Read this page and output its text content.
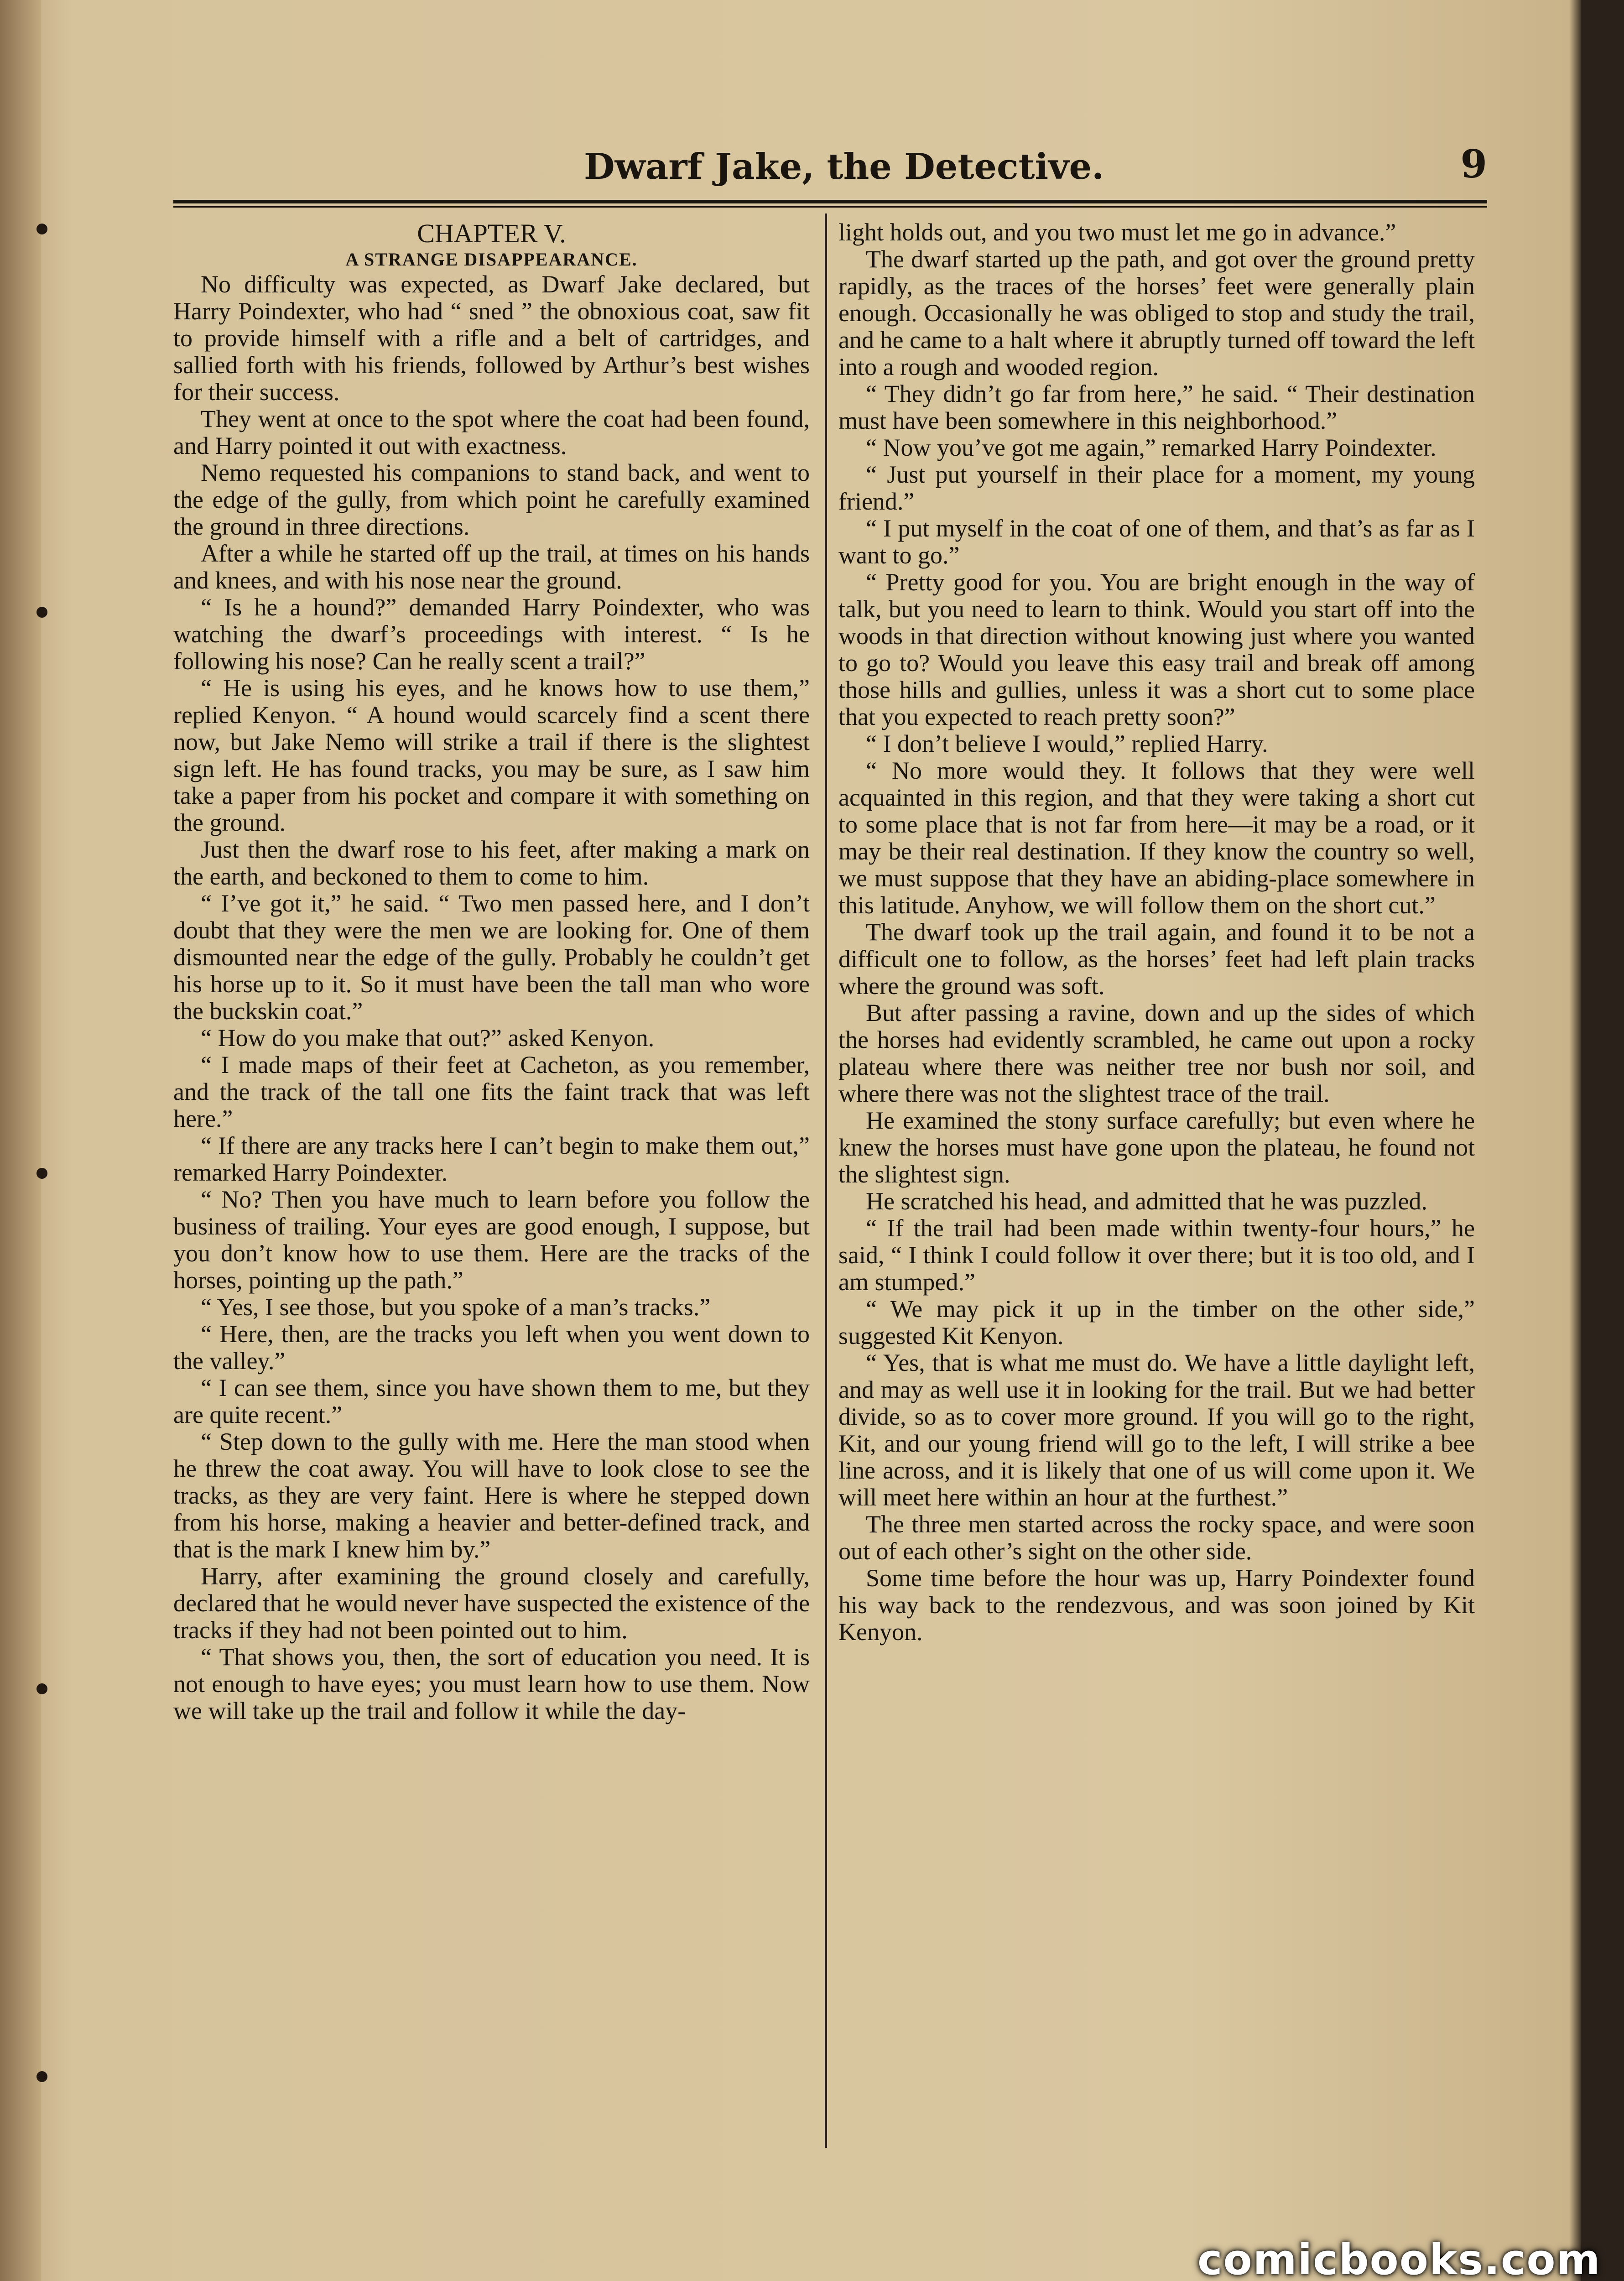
Dwarf Jake, the Detective.	9

CHAPTER V.

A STRANGE DISAPPEARANCE.

No difficulty was expected, as Dwarf Jake declared, but Harry Poindexter, who had “ sned ” the obnoxious coat, saw fit to provide himself with a rifle and a belt of cartridges, and sallied forth with his friends, followed by Arthur’s best wishes for their success.

They went at once to the spot where the coat had been found, and Harry pointed it out with exactness.

Nemo requested his companions to stand back, and went to the edge of the gully, from which point he carefully examined the ground in three directions.

After a while he started off up the trail, at times on his hands and knees, and with his nose near the ground.

“ Is he a hound?” demanded Harry Poindexter, who was watching the dwarf’s proceedings with interest. “ Is he following his nose? Can he really scent a trail?”

“ He is using his eyes, and he knows how to use them,” replied Kenyon. “ A hound would scarcely find a scent there now, but Jake Nemo will strike a trail if there is the slightest sign left. He has found tracks, you may be sure, as I saw him take a paper from his pocket and compare it with something on the ground.

Just then the dwarf rose to his feet, after making a mark on the earth, and beckoned to them to come to him.

“ I’ve got it,” he said. “ Two men passed here, and I don’t doubt that they were the men we are looking for. One of them dismounted near the edge of the gully. Probably he couldn’t get his horse up to it. So it must have been the tall man who wore the buckskin coat.”

“ How do you make that out?” asked Kenyon.

“ I made maps of their feet at Cacheton, as you remember, and the track of the tall one fits the faint track that was left here.”

“ If there are any tracks here I can’t begin to make them out,” remarked Harry Poindexter.

“ No? Then you have much to learn before you follow the business of trailing. Your eyes are good enough, I suppose, but you don’t know how to use them. Here are the tracks of the horses, pointing up the path.”

“ Yes, I see those, but you spoke of a man’s tracks.”

“ Here, then, are the tracks you left when you went down to the valley.”

“ I can see them, since you have shown them to me, but they are quite recent.”

“ Step down to the gully with me. Here the man stood when he threw the coat away. You will have to look close to see the tracks, as they are very faint. Here is where he stepped down from his horse, making a heavier and better-defined track, and that is the mark I knew him by.”

Harry, after examining the ground closely and carefully, declared that he would never have suspected the existence of the tracks if they had not been pointed out to him.

“ That shows you, then, the sort of education you need. It is not enough to have eyes; you must learn how to use them. Now we will take up the trail and follow it while the day-

light holds out, and you two must let me go in advance.”

The dwarf started up the path, and got over the ground pretty rapidly, as the traces of the horses’ feet were generally plain enough. Occasionally he was obliged to stop and study the trail, and he came to a halt where it abruptly turned off toward the left into a rough and wooded region.

“ They didn’t go far from here,” he said. “ Their destination must have been somewhere in this neighborhood.”

“ Now you’ve got me again,” remarked Harry Poindexter.

“ Just put yourself in their place for a moment, my young friend.”

“ I put myself in the coat of one of them, and that’s as far as I want to go.”

“ Pretty good for you. You are bright enough in the way of talk, but you need to learn to think. Would you start off into the woods in that direction without knowing just where you wanted to go to? Would you leave this easy trail and break off among those hills and gullies, unless it was a short cut to some place that you expected to reach pretty soon?”

“ I don’t believe I would,” replied Harry.

“ No more would they. It follows that they were well acquainted in this region, and that they were taking a short cut to some place that is not far from here—it may be a road, or it may be their real destination. If they know the country so well, we must suppose that they have an abiding-place somewhere in this latitude. Anyhow, we will follow them on the short cut.”

The dwarf took up the trail again, and found it to be not a difficult one to follow, as the horses’ feet had left plain tracks where the ground was soft.

But after passing a ravine, down and up the sides of which the horses had evidently scrambled, he came out upon a rocky plateau where there was neither tree nor bush nor soil, and where there was not the slightest trace of the trail.

He examined the stony surface carefully; but even where he knew the horses must have gone upon the plateau, he found not the slightest sign.

He scratched his head, and admitted that he was puzzled.

“ If the trail had been made within twenty-four hours,” he said, “ I think I could follow it over there; but it is too old, and I am stumped.”

“ We may pick it up in the timber on the other side,” suggested Kit Kenyon.

“ Yes, that is what me must do. We have a little daylight left, and may as well use it in looking for the trail. But we had better divide, so as to cover more ground. If you will go to the right, Kit, and our young friend will go to the left, I will strike a bee line across, and it is likely that one of us will come upon it. We will meet here within an hour at the furthest.”

The three men started across the rocky space, and were soon out of each other’s sight on the other side.

Some time before the hour was up, Harry Poindexter found his way back to the rendezvous, and was soon joined by Kit Kenyon.

comicbooks.com
